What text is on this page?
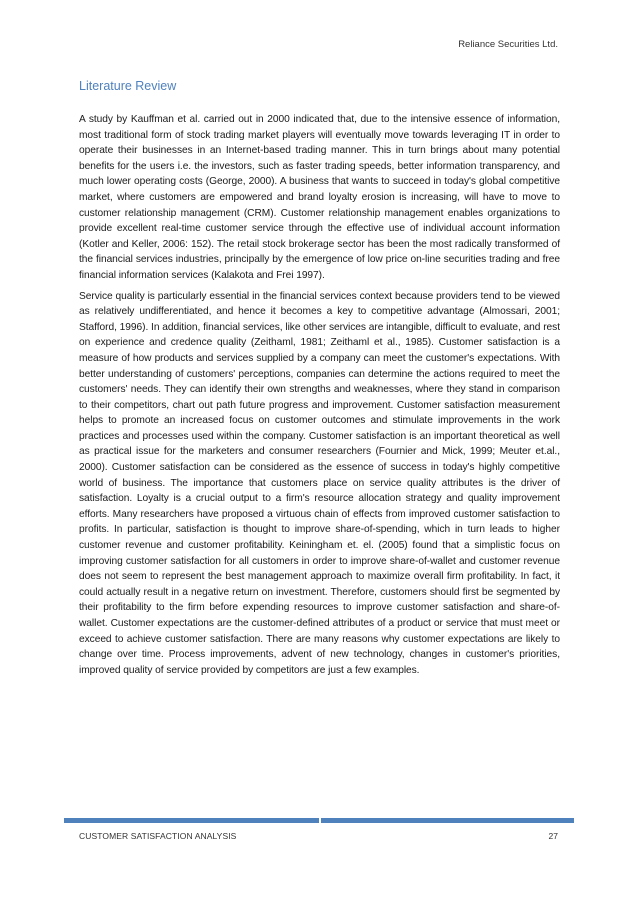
Reliance Securities Ltd.
Literature Review

A study by Kauffman et al. carried out in 2000 indicated that, due to the intensive essence of information, most traditional form of stock trading market players will eventually move towards leveraging IT in order to operate their businesses in an Internet-based trading manner. This in turn brings about many potential benefits for the users i.e. the investors, such as faster trading speeds, better information transparency, and much lower operating costs (George, 2000). A business that wants to succeed in today's global competitive market, where customers are empowered and brand loyalty erosion is increasing, will have to move to customer relationship management (CRM). Customer relationship management enables organizations to provide excellent real-time customer service through the effective use of individual account information (Kotler and Keller, 2006: 152). The retail stock brokerage sector has been the most radically transformed of the financial services industries, principally by the emergence of low price on-line securities trading and free financial information services (Kalakota and Frei 1997).

Service quality is particularly essential in the financial services context because providers tend to be viewed as relatively undifferentiated, and hence it becomes a key to competitive advantage (Almossari, 2001; Stafford, 1996). In addition, financial services, like other services are intangible, difficult to evaluate, and rest on experience and credence quality (Zeithaml, 1981; Zeithaml et al., 1985). Customer satisfaction is a measure of how products and services supplied by a company can meet the customer's expectations. With better understanding of customers' perceptions, companies can determine the actions required to meet the customers' needs. They can identify their own strengths and weaknesses, where they stand in comparison to their competitors, chart out path future progress and improvement. Customer satisfaction measurement helps to promote an increased focus on customer outcomes and stimulate improvements in the work practices and processes used within the company. Customer satisfaction is an important theoretical as well as practical issue for the marketers and consumer researchers (Fournier and Mick, 1999; Meuter et.al., 2000). Customer satisfaction can be considered as the essence of success in today's highly competitive world of business. The importance that customers place on service quality attributes is the driver of satisfaction. Loyalty is a crucial output to a firm's resource allocation strategy and quality improvement efforts. Many researchers have proposed a virtuous chain of effects from improved customer satisfaction to profits. In particular, satisfaction is thought to improve share-of-spending, which in turn leads to higher customer revenue and customer profitability. Keiningham et. el. (2005) found that a simplistic focus on improving customer satisfaction for all customers in order to improve share-of-wallet and customer revenue does not seem to represent the best management approach to maximize overall firm profitability. In fact, it could actually result in a negative return on investment. Therefore, customers should first be segmented by their profitability to the firm before expending resources to improve customer satisfaction and share-of-wallet. Customer expectations are the customer-defined attributes of a product or service that must meet or exceed to achieve customer satisfaction. There are many reasons why customer expectations are likely to change over time. Process improvements, advent of new technology, changes in customer's priorities, improved quality of service provided by competitors are just a few examples.

CUSTOMER SATISFACTION ANALYSIS	27
